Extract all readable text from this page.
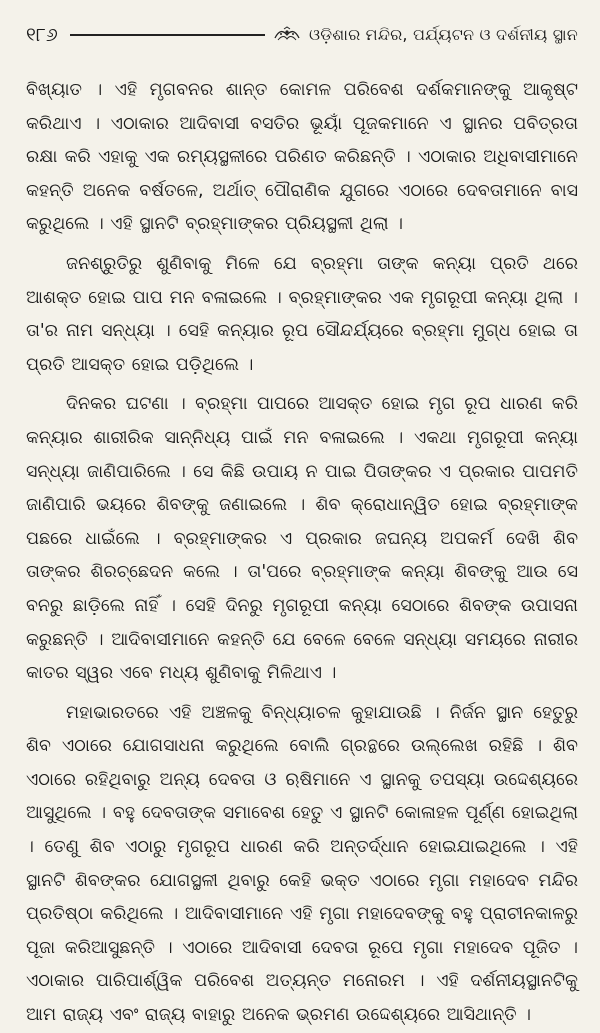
୧୮୬	ଓଡ଼ିଶାର ମନ୍ଦିର, ପର୍ଯ୍ୟଟନ ଓ ଦର୍ଶନୀୟ ସ୍ଥାନ

ବିଖ୍ୟାତ । ଏହି ମୃଗବନର ଶାନ୍ତ କୋମଳ ପରିବେଶ ଦର୍ଶକମାନଙ୍କୁ ଆକୃଷ୍ଟ କରିଥାଏ । ଏଠାକାର ଆଦିବାସୀ ବସତିର ଭୂୟାଁ ପୂଜକମାନେ ଏ ସ୍ଥାନର ପବିତ୍ରତା ରକ୍ଷା କରି ଏହାକୁ ଏକ ରମ୍ୟସ୍ଥଳୀରେ ପରିଣତ କରିଛନ୍ତି । ଏଠାକାର ଅଧିବାସୀମାନେ କହନ୍ତି ଅନେକ ବର୍ଷତଳେ, ଅର୍ଥାତ୍ ପୌରାଣିକ ଯୁଗରେ ଏଠାରେ ଦେବତାମାନେ ବାସ କରୁଥିଲେ । ଏହି ସ୍ଥାନଟି ବ୍ରହ୍ମାଙ୍କର ପ୍ରିୟସ୍ଥଳୀ ଥିଲା ।

ଜନଶ୍ରୁତିରୁ ଶୁଣିବାକୁ ମିଳେ ଯେ ବ୍ରହ୍ମା ତାଙ୍କ କନ୍ୟା ପ୍ରତି ଥରେ ଆଶକ୍ତ ହୋଇ ପାପ ମନ ବଳାଇଲେ । ବ୍ରହ୍ମାଙ୍କର ଏକ ମୃଗରୂପୀ କନ୍ୟା ଥିଲା । ତା'ର ନାମ ସନ୍ଧ୍ୟା । ସେହି କନ୍ୟାର ରୂପ ସୌନ୍ଦର୍ଯ୍ୟରେ ବ୍ରହ୍ମା ମୁଗ୍ଧ ହୋଇ ତା ପ୍ରତି ଆସକ୍ତ ହୋଇ ପଡ଼ିଥିଲେ ।

ଦିନକର ଘଟଣା । ବ୍ରହ୍ମା ପାପରେ ଆସକ୍ତ ହୋଇ ମୃଗ ରୂପ ଧାରଣ କରି କନ୍ୟାର ଶାରୀରିକ ସାନ୍ନିଧ୍ୟ ପାଇଁ ମନ ବଳାଇଲେ । ଏକଥା ମୃଗରୂପୀ କନ୍ୟା ସନ୍ଧ୍ୟା ଜାଣିପାରିଲେ । ସେ କିଛି ଉପାୟ ନ ପାଇ ପିତାଙ୍କର ଏ ପ୍ରକାର ପାପମତି ଜାଣିପାରି ଭୟରେ ଶିବଙ୍କୁ ଜଣାଇଲେ । ଶିବ କ୍ରୋଧାନ୍ୱିତ ହୋଇ ବ୍ରହ୍ମାଙ୍କ ପଛରେ ଧାଇଁଲେ । ବ୍ରହ୍ମାଙ୍କର ଏ ପ୍ରକାର ଜଘନ୍ୟ ଅପକର୍ମ ଦେଖି ଶିବ ତାଙ୍କର ଶିରଚ୍ଛେଦନ କଲେ । ତା'ପରେ ବ୍ରହ୍ମାଙ୍କ କନ୍ୟା ଶିବଙ୍କୁ ଆଉ ସେ ବନରୁ ଛାଡ଼ିଲେ ନାହିଁ । ସେହି ଦିନରୁ ମୃଗରୂପୀ କନ୍ୟା ସେଠାରେ ଶିବଙ୍କ ଉପାସନା କରୁଛନ୍ତି । ଆଦିବାସୀମାନେ କହନ୍ତି ଯେ ବେଳେ ବେଳେ ସନ୍ଧ୍ୟା ସମୟରେ ନାରୀର କାତର ସ୍ୱର ଏବେ ମଧ୍ୟ ଶୁଣିବାକୁ ମିଳିଥାଏ ।

ମହାଭାରତରେ ଏହି ଅଞ୍ଚଳକୁ ବିନ୍ଧ୍ୟାଚଳ କୁହାଯାଉଛି । ନିର୍ଜନ ସ୍ଥାନ ହେତୁରୁ ଶିବ ଏଠାରେ ଯୋଗସାଧନା କରୁଥିଲେ ବୋଲି ଗ୍ରନ୍ଥରେ ଉଲ୍ଲେଖ ରହିଛି । ଶିବ ଏଠାରେ ରହିଥିବାରୁ ଅନ୍ୟ ଦେବତା ଓ ଋଷିମାନେ ଏ ସ୍ଥାନକୁ ତପସ୍ୟା ଉଦ୍ଦେଶ୍ୟରେ ଆସୁଥିଲେ । ବହୁ ଦେବତାଙ୍କ ସମାବେଶ ହେତୁ ଏ ସ୍ଥାନଟି କୋଳାହଳ ପୂର୍ଣ୍ଣ ହୋଇଥିଲା । ତେଣୁ ଶିବ ଏଠାରୁ ମୃଗରୂପ ଧାରଣ କରି ଅନ୍ତର୍ଦ୍ଧାନ ହୋଇଯାଇଥିଲେ । ଏହି ସ୍ଥାନଟି ଶିବଙ୍କର ଯୋଗସ୍ଥଳୀ ଥିବାରୁ କେହି ଭକ୍ତ ଏଠାରେ ମୃଗା ମହାଦେବ ମନ୍ଦିର ପ୍ରତିଷ୍ଠା କରିଥିଲେ । ଆଦିବାସୀମାନେ ଏହି ମୃଗା ମହାଦେବଙ୍କୁ ବହୁ ପ୍ରାଚୀନକାଳରୁ ପୂଜା କରିଆସୁଛନ୍ତି । ଏଠାରେ ଆଦିବାସୀ ଦେବତା ରୂପେ ମୃଗା ମହାଦେବ ପୂଜିତ । ଏଠାକାର ପାରିପାର୍ଶ୍ୱିକ ପରିବେଶ ଅତ୍ୟନ୍ତ ମନୋରମ । ଏହି ଦର୍ଶନୀୟସ୍ଥାନଟିକୁ ଆମ ରାଜ୍ୟ ଏବଂ ରାଜ୍ୟ ବାହାରୁ ଅନେକ ଭ୍ରମଣ ଉଦ୍ଦେଶ୍ୟରେ ଆସିଥାନ୍ତି ।
